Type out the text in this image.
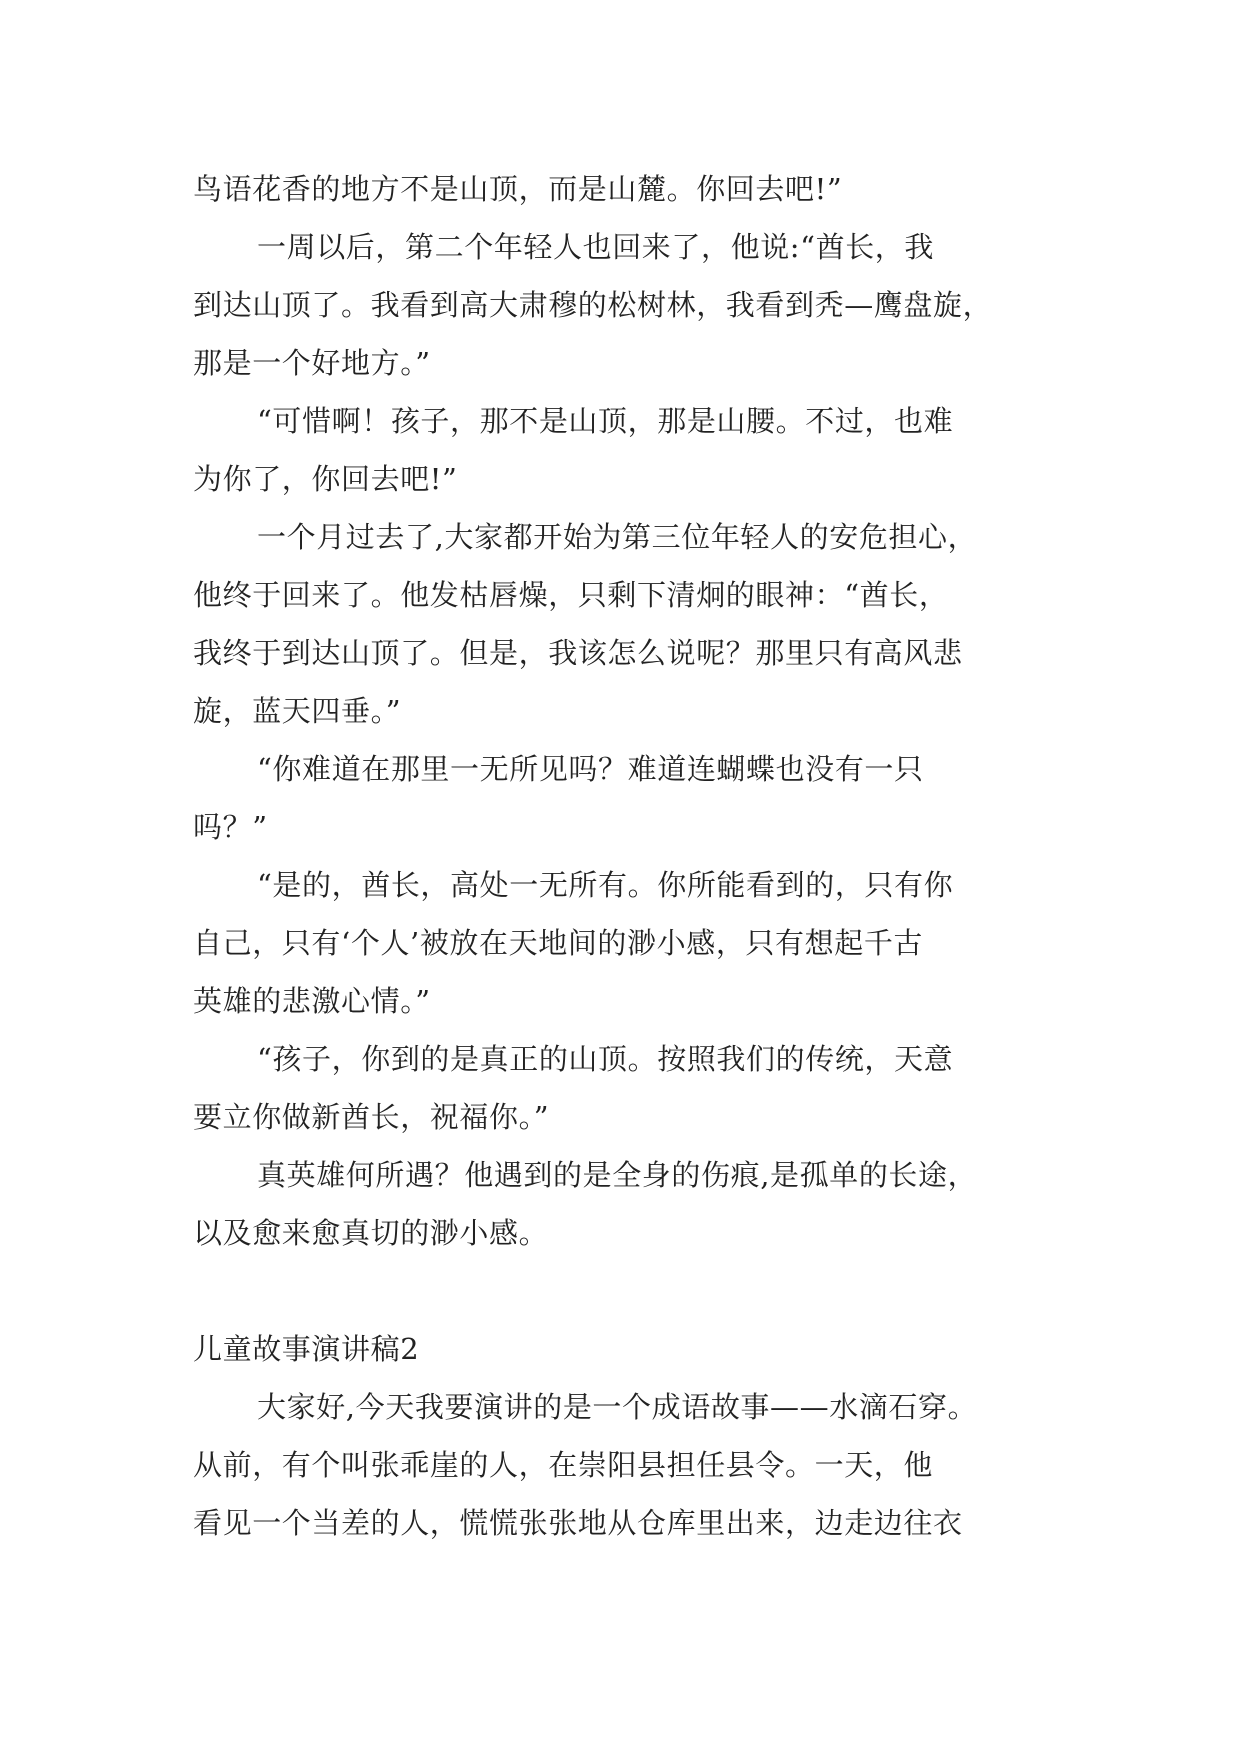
鸟语花香的地方不是山顶，而是山麓。你回去吧!”
一周以后，第二个年轻人也回来了，他说:“酋长，我
到达山顶了。我看到高大肃穆的松树林，我看到秃—鹰盘旋，
那是一个好地方。”
“可惜啊！孩子，那不是山顶，那是山腰。不过，也难
为你了，你回去吧!”
一个月过去了,大家都开始为第三位年轻人的安危担心，
他终于回来了。他发枯唇燥，只剩下清炯的眼神：“酋长，
我终于到达山顶了。但是，我该怎么说呢？那里只有高风悲
旋，蓝天四垂。”
“你难道在那里一无所见吗？难道连蝴蝶也没有一只
吗？”
“是的，酋长，高处一无所有。你所能看到的，只有你
自己，只有‘个人’被放在天地间的渺小感，只有想起千古
英雄的悲激心情。”
“孩子，你到的是真正的山顶。按照我们的传统，天意
要立你做新酋长，祝福你。”
真英雄何所遇？他遇到的是全身的伤痕,是孤单的长途，
以及愈来愈真切的渺小感。
儿童故事演讲稿2
大家好,今天我要演讲的是一个成语故事——水滴石穿。
从前，有个叫张乖崖的人，在崇阳县担任县令。一天，他
看见一个当差的人，慌慌张张地从仓库里出来，边走边往衣
